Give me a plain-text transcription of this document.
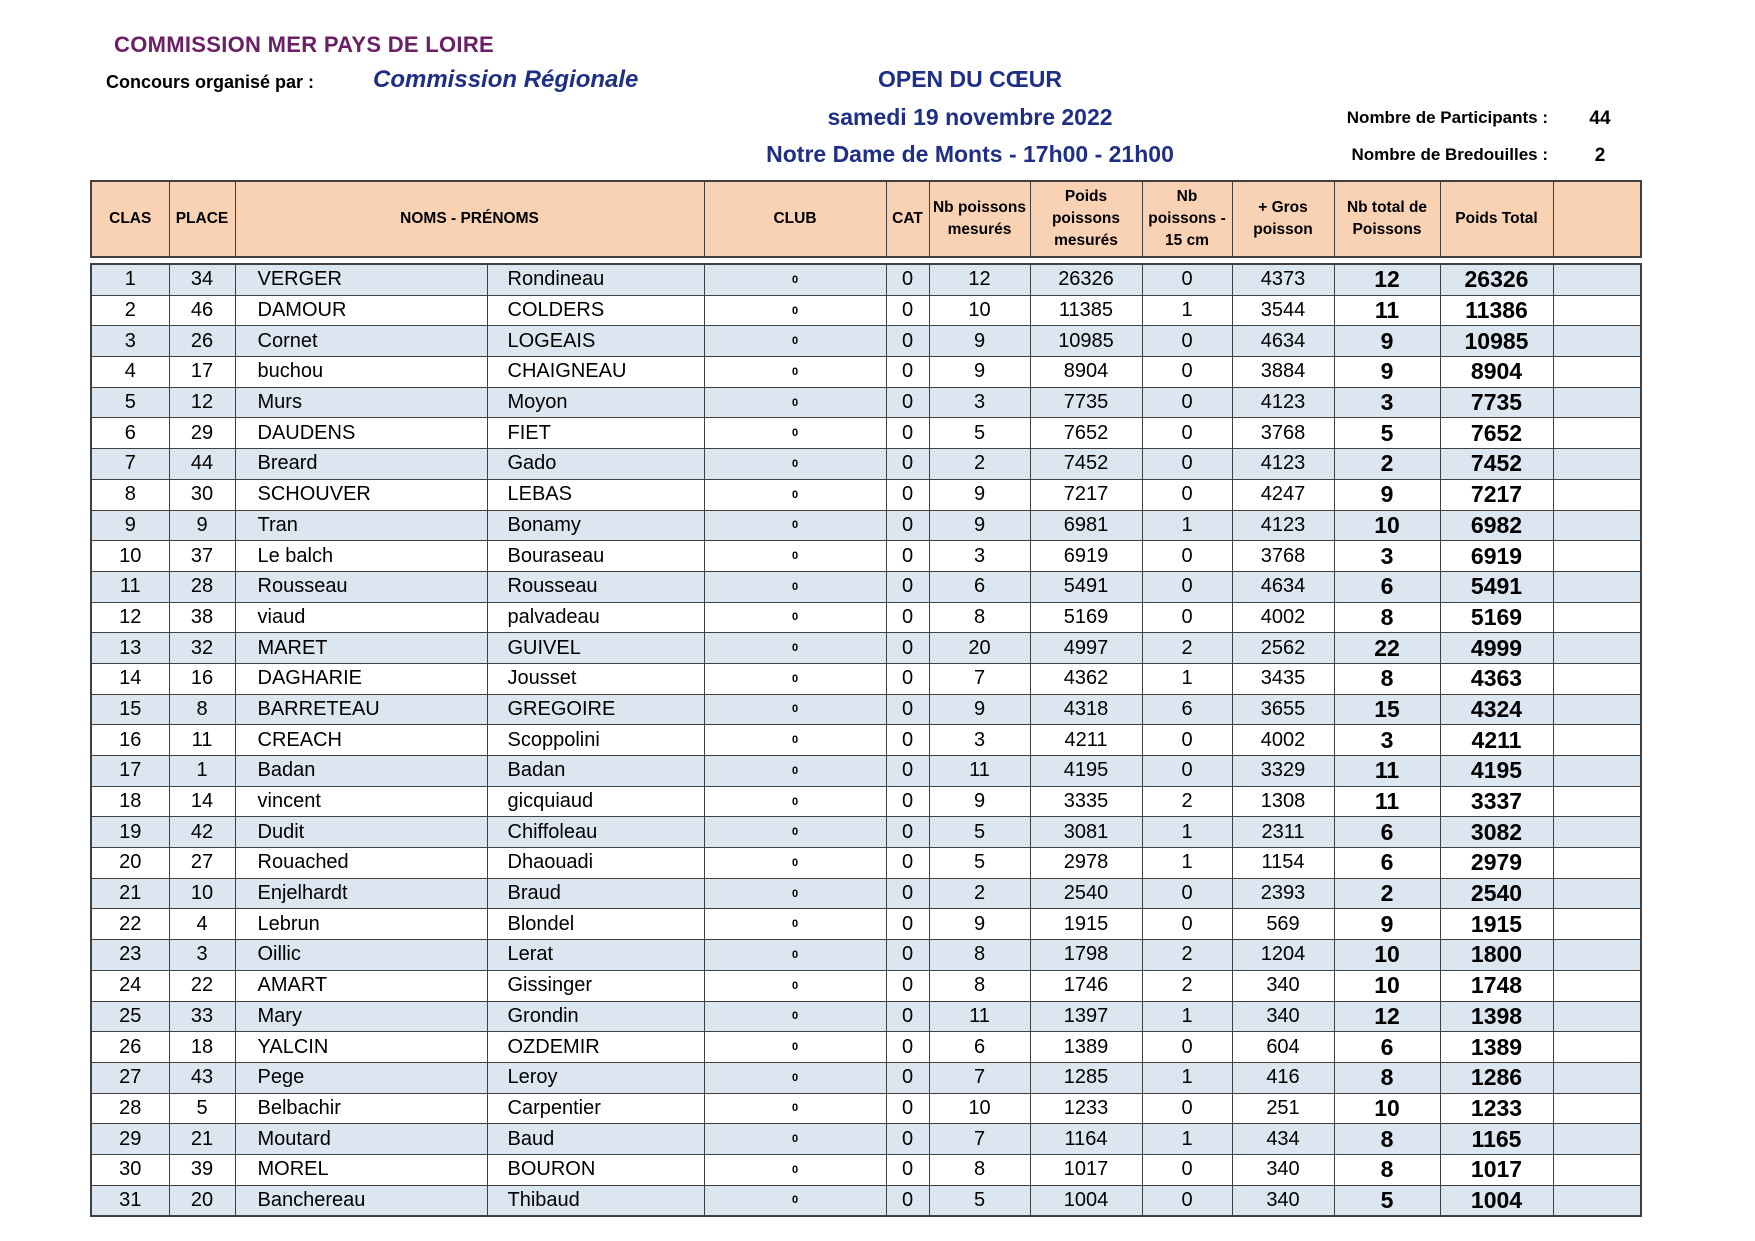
COMMISSION MER PAYS DE LOIRE
Concours organisé par : Commission Régionale	OPEN DU CŒUR
samedi 19 novembre 2022
Notre Dame de Monts - 17h00 - 21h00
Nombre de Participants :	44
Nombre de Bredouilles :	2
CLAS	PLACE	NOMS - PRÉNOMS	CLUB	CAT	Nb poissons mesurés	Poids poissons mesurés	Nb poissons - 15 cm	+ Gros poisson	Nb total de Poissons	Poids Total	
1	34	VERGER	Rondineau	0	0	12	26326	0	4373	12	26326	
2	46	DAMOUR	COLDERS	0	0	10	11385	1	3544	11	11386	
3	26	Cornet	LOGEAIS	0	0	9	10985	0	4634	9	10985	
4	17	buchou	CHAIGNEAU	0	0	9	8904	0	3884	9	8904	
5	12	Murs	Moyon	0	0	3	7735	0	4123	3	7735	
6	29	DAUDENS	FIET	0	0	5	7652	0	3768	5	7652	
7	44	Breard	Gado	0	0	2	7452	0	4123	2	7452	
8	30	SCHOUVER	LEBAS	0	0	9	7217	0	4247	9	7217	
9	9	Tran	Bonamy	0	0	9	6981	1	4123	10	6982	
10	37	Le balch	Bouraseau	0	0	3	6919	0	3768	3	6919	
11	28	Rousseau	Rousseau	0	0	6	5491	0	4634	6	5491	
12	38	viaud	palvadeau	0	0	8	5169	0	4002	8	5169	
13	32	MARET	GUIVEL	0	0	20	4997	2	2562	22	4999	
14	16	DAGHARIE	Jousset	0	0	7	4362	1	3435	8	4363	
15	8	BARRETEAU	GREGOIRE	0	0	9	4318	6	3655	15	4324	
16	11	CREACH	Scoppolini	0	0	3	4211	0	4002	3	4211	
17	1	Badan	Badan	0	0	11	4195	0	3329	11	4195	
18	14	vincent	gicquiaud	0	0	9	3335	2	1308	11	3337	
19	42	Dudit	Chiffoleau	0	0	5	3081	1	2311	6	3082	
20	27	Rouached	Dhaouadi	0	0	5	2978	1	1154	6	2979	
21	10	Enjelhardt	Braud	0	0	2	2540	0	2393	2	2540	
22	4	Lebrun	Blondel	0	0	9	1915	0	569	9	1915	
23	3	Oillic	Lerat	0	0	8	1798	2	1204	10	1800	
24	22	AMART	Gissinger	0	0	8	1746	2	340	10	1748	
25	33	Mary	Grondin	0	0	11	1397	1	340	12	1398	
26	18	YALCIN	OZDEMIR	0	0	6	1389	0	604	6	1389	
27	43	Pege	Leroy	0	0	7	1285	1	416	8	1286	
28	5	Belbachir	Carpentier	0	0	10	1233	0	251	10	1233	
29	21	Moutard	Baud	0	0	7	1164	1	434	8	1165	
30	39	MOREL	BOURON	0	0	8	1017	0	340	8	1017	
31	20	Banchereau	Thibaud	0	0	5	1004	0	340	5	1004	
